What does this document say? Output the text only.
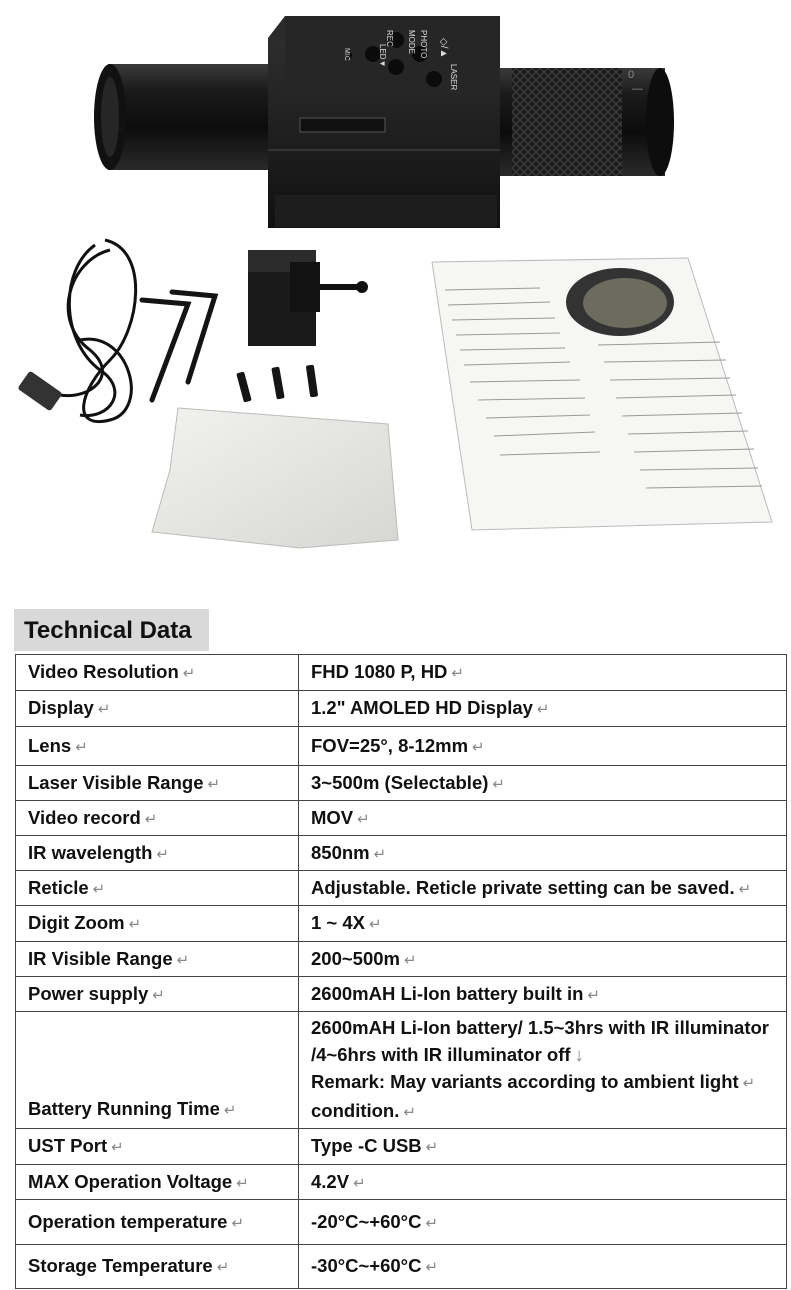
0
—
◇/▲
REC MODE PHOTO
LASER
MIC	LED▼
Technical Data
Video Resolution ↵	FHD 1080 P, HD ↵
Display ↵	1.2" AMOLED HD Display ↵
Lens ↵	FOV=25°, 8-12mm ↵
Laser Visible Range ↵	3~500m (Selectable) ↵
Video record ↵	MOV ↵
IR wavelength ↵	850nm ↵
Reticle ↵	Adjustable. Reticle private setting can be saved. ↵
Digit Zoom ↵	1 ~ 4X ↵
IR Visible Range ↵	200~500m ↵
Power supply ↵	2600mAH Li-Ion battery built in ↵
Battery Running Time ↵	2600mAH Li-Ion battery/ 1.5~3hrs with IR illuminator
/4~6hrs with IR illuminator off ↓
Remark: May variants according to ambient light ↵
condition. ↵

UST Port ↵	Type -C USB ↵
MAX Operation Voltage ↵	4.2V ↵
Operation temperature ↵	-20°C~+60°C ↵
Storage Temperature ↵	-30°C~+60°C ↵
